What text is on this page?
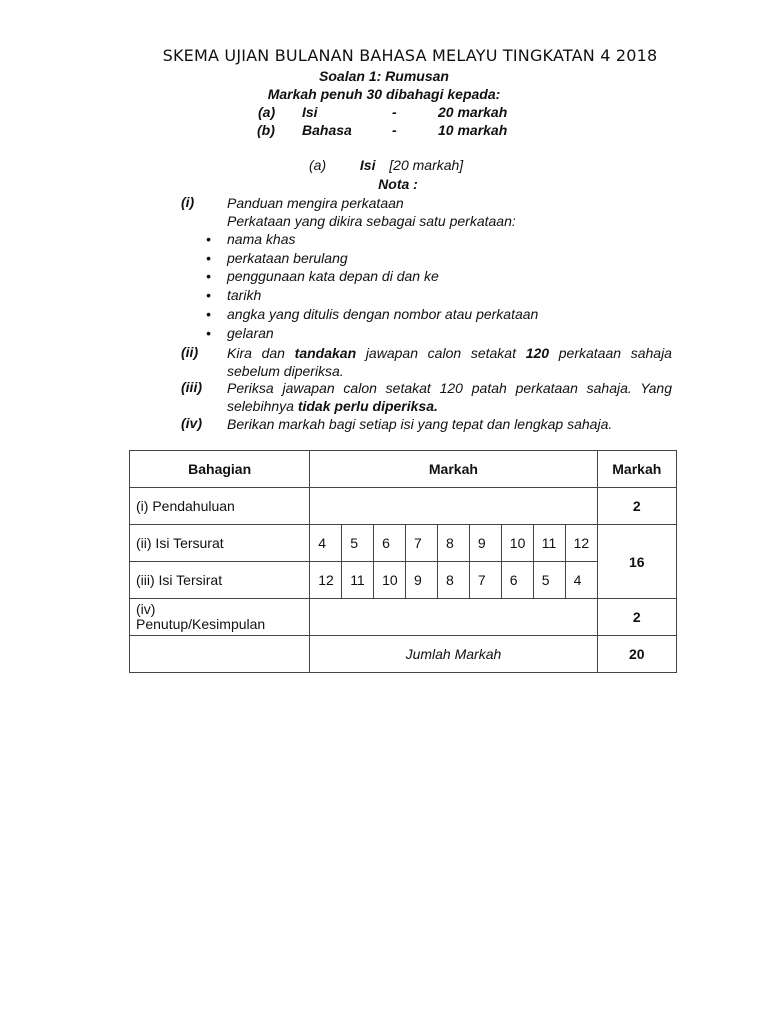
SKEMA UJIAN BULANAN BAHASA MELAYU TINGKATAN 4 2018
Soalan 1: Rumusan
Markah penuh 30 dibahagi kepada:
(a) Isi	-	20 markah
(b) Bahasa	-	10 markah
(a) Isi [20 markah]
Nota :
(i) Panduan mengira perkataan
Perkataan yang dikira sebagai satu perkataan:
• nama khas
• perkataan berulang
• penggunaan kata depan di dan ke
• tarikh
• angka yang ditulis dengan nombor atau perkataan
• gelaran
(ii) Kira dan tandakan jawapan calon setakat 120 perkataan sahaja sebelum diperiksa.
(iii) Periksa jawapan calon setakat 120 patah perkataan sahaja. Yang selebihnya tidak perlu diperiksa.
(iv) Berikan markah bagi setiap isi yang tepat dan lengkap sahaja.
Bahagian	Markah									Markah
(i) Pendahuluan										2
(ii) Isi Tersurat	4	5	6	7	8	9	10	11	12	16
(iii) Isi Tersirat	12	11	10	9	8	7	6	5	4	

(iv)
Penutup/Kesimpulan										2
	Jumlah Markah									20
